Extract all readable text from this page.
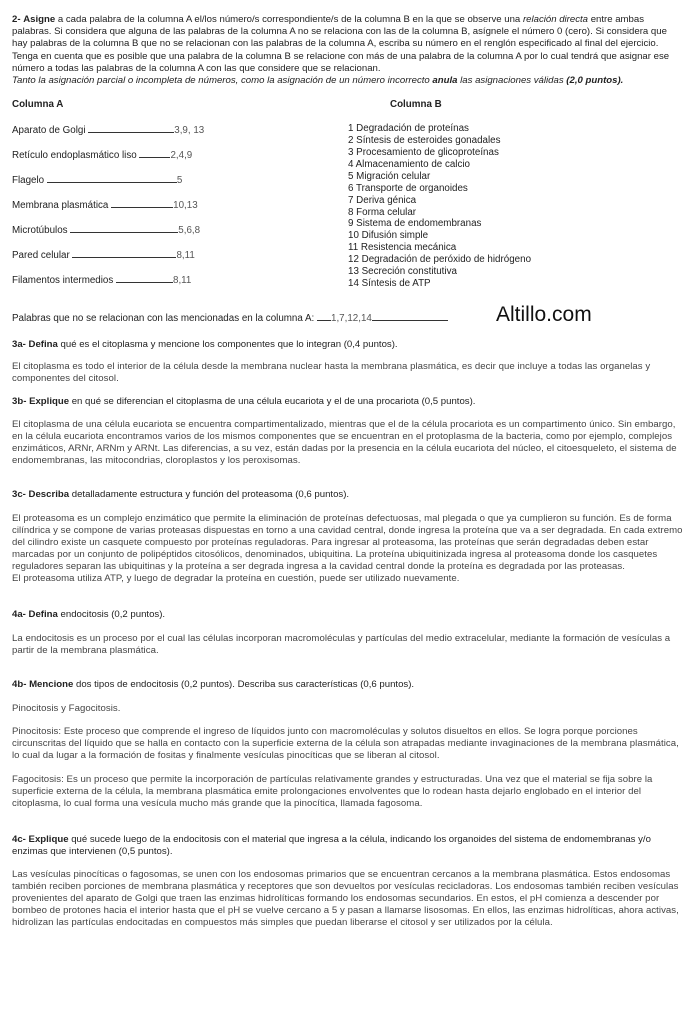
2- Asigne a cada palabra de la columna A el/los número/s correspondiente/s de la columna B en la que se observe una relación directa entre ambas palabras. Si considera que alguna de las palabras de la columna A no se relaciona con las de la columna B, asígnele el número 0 (cero). Si considera que hay palabras de la columna B que no se relacionan con las palabras de la columna A, escriba su número en el renglón especificado al final del ejercicio. Tenga en cuenta que es posible que una palabra de la columna B se relacione con más de una palabra de la columna A por lo cual tendrá que asignar ese número a todas las palabras de la columna A con las que considere que se relacionan.
Tanto la asignación parcial o incompleta de números, como la asignación de un número incorrecto anula las asignaciones válidas (2,0 puntos).

Columna A	Columna B
Aparato de Golgi	3,9, 13
Retículo endoplasmático liso	2,4,9
Flagelo	5
Membrana plasmática	10,13
Microtúbulos	5,6,8
Pared celular	8,11
Filamentos intermedios	8,11
1 Degradación de proteínas
2 Síntesis de esteroides gonadales
3 Procesamiento de glicoproteínas
4 Almacenamiento de calcio
5 Migración celular
6 Transporte de organoides
7 Deriva génica
8 Forma celular
9 Sistema de endomembranas
10 Difusión simple
11 Resistencia mecánica
12 Degradación de peróxido de hidrógeno
13 Secreción constitutiva
14 Síntesis de ATP
Palabras que no se relacionan con las mencionadas en la columna A: 1,7,12,14	Altillo.com

3a- Defina qué es el citoplasma y mencione los componentes que lo integran (0,4 puntos).

El citoplasma es todo el interior de la célula desde la membrana nuclear hasta la membrana plasmática, es decir que incluye a todas las organelas y componentes del citosol.

3b- Explique en qué se diferencian el citoplasma de una célula eucariota y el de una procariota (0,5 puntos).

El citoplasma de una célula eucariota se encuentra compartimentalizado, mientras que el de la célula procariota es un compartimento único. Sin embargo, en la célula eucariota encontramos varios de los mismos componentes que se encuentran en el protoplasma de la bacteria, como por ejemplo, complejos enzimáticos, ARNr, ARNm y ARNt. Las diferencias, a su vez, están dadas por la presencia en la célula eucariota del núcleo, el citoesqueleto, el sistema de endomembranas, las mitocondrias, cloroplastos y los peroxisomas.

3c- Describa detalladamente estructura y función del proteasoma (0,6 puntos).

El proteasoma es un complejo enzimático que permite la eliminación de proteínas defectuosas, mal plegada o que ya cumplieron su función. Es de forma cilíndrica y se compone de varias proteasas dispuestas en torno a una cavidad central, donde ingresa la proteína que va a ser degradada. En cada extremo del cilindro existe un casquete compuesto por proteínas reguladoras. Para ingresar al proteasoma, las proteínas que serán degradadas deben estar marcadas por un conjunto de polipéptidos citosólicos, denominados, ubiquitina. La proteína ubiquitinizada ingresa al proteasoma donde los casquetes reguladores separan las ubiquitinas y la proteína a ser degrada ingresa a la cavidad central donde la proteína es degradada por las proteasas.

El proteasoma utiliza ATP, y luego de degradar la proteína en cuestión, puede ser utilizado nuevamente.

4a- Defina endocitosis (0,2 puntos).

La endocitosis es un proceso por el cual las células incorporan macromoléculas y partículas del medio extracelular, mediante la formación de vesículas a partir de la membrana plasmática.

4b- Mencione dos tipos de endocitosis (0,2 puntos). Describa sus características (0,6 puntos).

Pinocitosis y Fagocitosis.

Pinocitosis: Este proceso que comprende el ingreso de líquidos junto con macromoléculas y solutos disueltos en ellos. Se logra porque porciones circunscritas del líquido que se halla en contacto con la superficie externa de la célula son atrapadas mediante invaginaciones de la membrana plasmática, lo cual da lugar a la formación de fositas y finalmente vesículas pinocíticas que se liberan al citosol.

Fagocitosis: Es un proceso que permite la incorporación de partículas relativamente grandes y estructuradas. Una vez que el material se fija sobre la superficie externa de la célula, la membrana plasmática emite prolongaciones envolventes que lo rodean hasta dejarlo englobado en el interior del citoplasma, lo cual forma una vesícula mucho más grande que la pinocítica, llamada fagosoma.

4c- Explique qué sucede luego de la endocitosis con el material que ingresa a la célula, indicando los organoides del sistema de endomembranas y/o enzimas que intervienen (0,5 puntos).

Las vesículas pinocíticas o fagosomas, se unen con los endosomas primarios que se encuentran cercanos a la membrana plasmática. Estos endosomas también reciben porciones de membrana plasmática y receptores que son devueltos por vesículas recicladoras. Los endosomas también reciben vesículas provenientes del aparato de Golgi que traen las enzimas hidrolíticas formando los endosomas secundarios. En estos, el pH comienza a descender por bombeo de protones hacia el interior hasta que el pH se vuelve cercano a 5 y pasan a llamarse lisosomas. En ellos, las enzimas hidrolíticas, ahora activas, hidrolizan las partículas endocitadas en compuestos más simples que puedan liberarse el citosol y ser utilizados por la célula.
